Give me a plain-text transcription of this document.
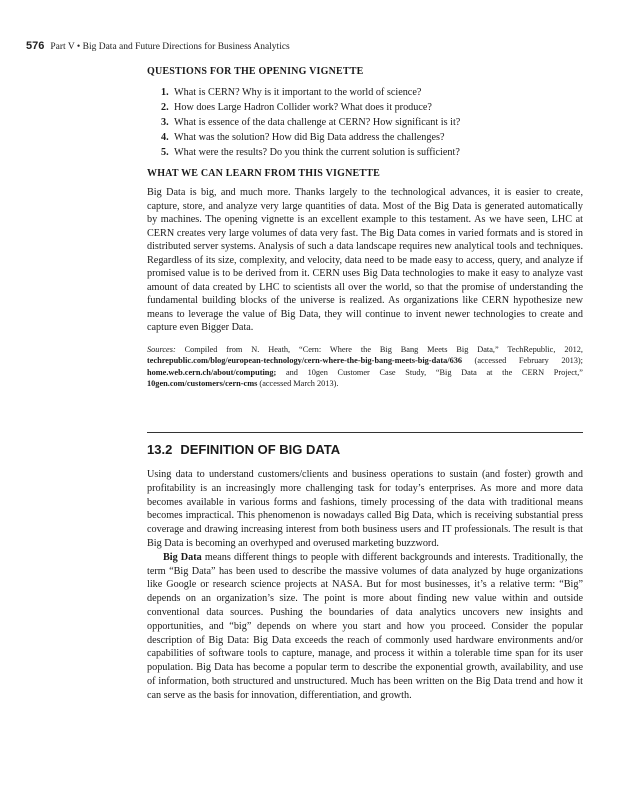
576 Part V • Big Data and Future Directions for Business Analytics
QUESTIONS FOR THE OPENING VIGNETTE
1. What is CERN? Why is it important to the world of science?
2. How does Large Hadron Collider work? What does it produce?
3. What is essence of the data challenge at CERN? How significant is it?
4. What was the solution? How did Big Data address the challenges?
5. What were the results? Do you think the current solution is sufficient?
WHAT WE CAN LEARN FROM THIS VIGNETTE

Big Data is big, and much more. Thanks largely to the technological advances, it is easier to create, capture, store, and analyze very large quantities of data. Most of the Big Data is generated automatically by machines. The opening vignette is an excellent example to this testament. As we have seen, LHC at CERN creates very large volumes of data very fast. The Big Data comes in varied formats and is stored in distributed server systems. Analysis of such a data landscape requires new analytical tools and techniques. Regardless of its size, complexity, and velocity, data need to be made easy to access, query, and analyze if promised value is to be derived from it. CERN uses Big Data technologies to make it easy to analyze vast amount of data created by LHC to scientists all over the world, so that the promise of understanding the fundamental building blocks of the universe is realized. As organizations like CERN hypothesize new means to leverage the value of Big Data, they will continue to invent newer technologies to create and capture even Bigger Data.

Sources: Compiled from N. Heath, “Cern: Where the Big Bang Meets Big Data,” TechRepublic, 2012, techrepublic.com/blog/european-technology/cern-where-the-big-bang-meets-big-data/636 (accessed February 2013); home.web.cern.ch/about/computing; and 10gen Customer Case Study, “Big Data at the CERN Project,” 10gen.com/customers/cern-cms (accessed March 2013).

13.2 DEFINITION OF BIG DATA

Using data to understand customers/clients and business operations to sustain (and foster) growth and profitability is an increasingly more challenging task for today’s enterprises. As more and more data becomes available in various forms and fashions, timely processing of the data with traditional means becomes impractical. This phenomenon is nowadays called Big Data, which is receiving substantial press coverage and drawing increasing interest from both business users and IT professionals. The result is that Big Data is becoming an overhyped and overused marketing buzzword.

Big Data means different things to people with different backgrounds and interests. Traditionally, the term “Big Data” has been used to describe the massive volumes of data analyzed by huge organizations like Google or research science projects at NASA. But for most businesses, it’s a relative term: “Big” depends on an organization’s size. The point is more about finding new value within and outside conventional data sources. Pushing the boundaries of data analytics uncovers new insights and opportunities, and “big” depends on where you start and how you proceed. Consider the popular description of Big Data: Big Data exceeds the reach of commonly used hardware environments and/or capabilities of software tools to capture, manage, and process it within a tolerable time span for its user population. Big Data has become a popular term to describe the exponential growth, availability, and use of information, both structured and unstructured. Much has been written on the Big Data trend and how it can serve as the basis for innovation, differentiation, and growth.
